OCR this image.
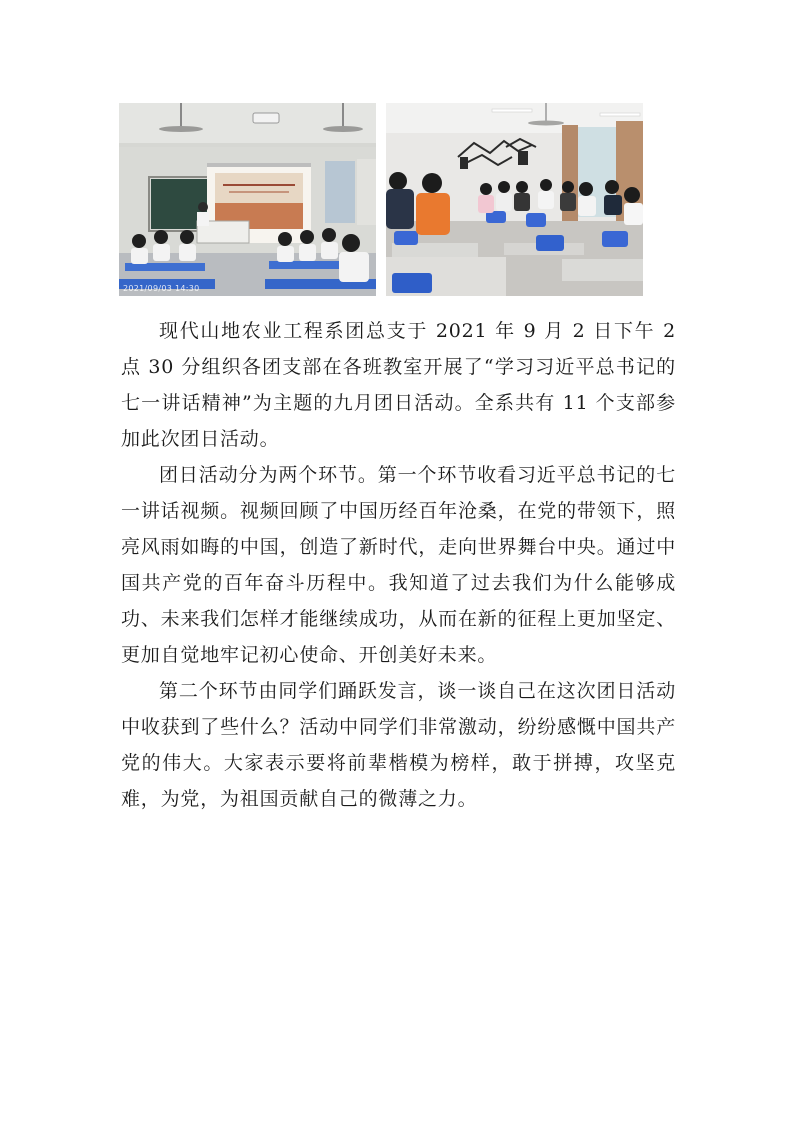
2021/09/03 14:30

现代山地农业工程系团总支于 2021 年 9 月 2 日下午 2 点 30 分组织各团支部在各班教室开展了“学习习近平总书记的七一讲话精神”为主题的九月团日活动。全系共有 11 个支部参加此次团日活动。

团日活动分为两个环节。第一个环节收看习近平总书记的七一讲话视频。视频回顾了中国历经百年沧桑，在党的带领下，照亮风雨如晦的中国，创造了新时代，走向世界舞台中央。通过中国共产党的百年奋斗历程中。我知道了过去我们为什么能够成功、未来我们怎样才能继续成功，从而在新的征程上更加坚定、更加自觉地牢记初心使命、开创美好未来。

第二个环节由同学们踊跃发言，谈一谈自己在这次团日活动中收获到了些什么？活动中同学们非常激动，纷纷感慨中国共产党的伟大。大家表示要将前辈楷模为榜样，敢于拼搏，攻坚克难，为党，为祖国贡献自己的微薄之力。
